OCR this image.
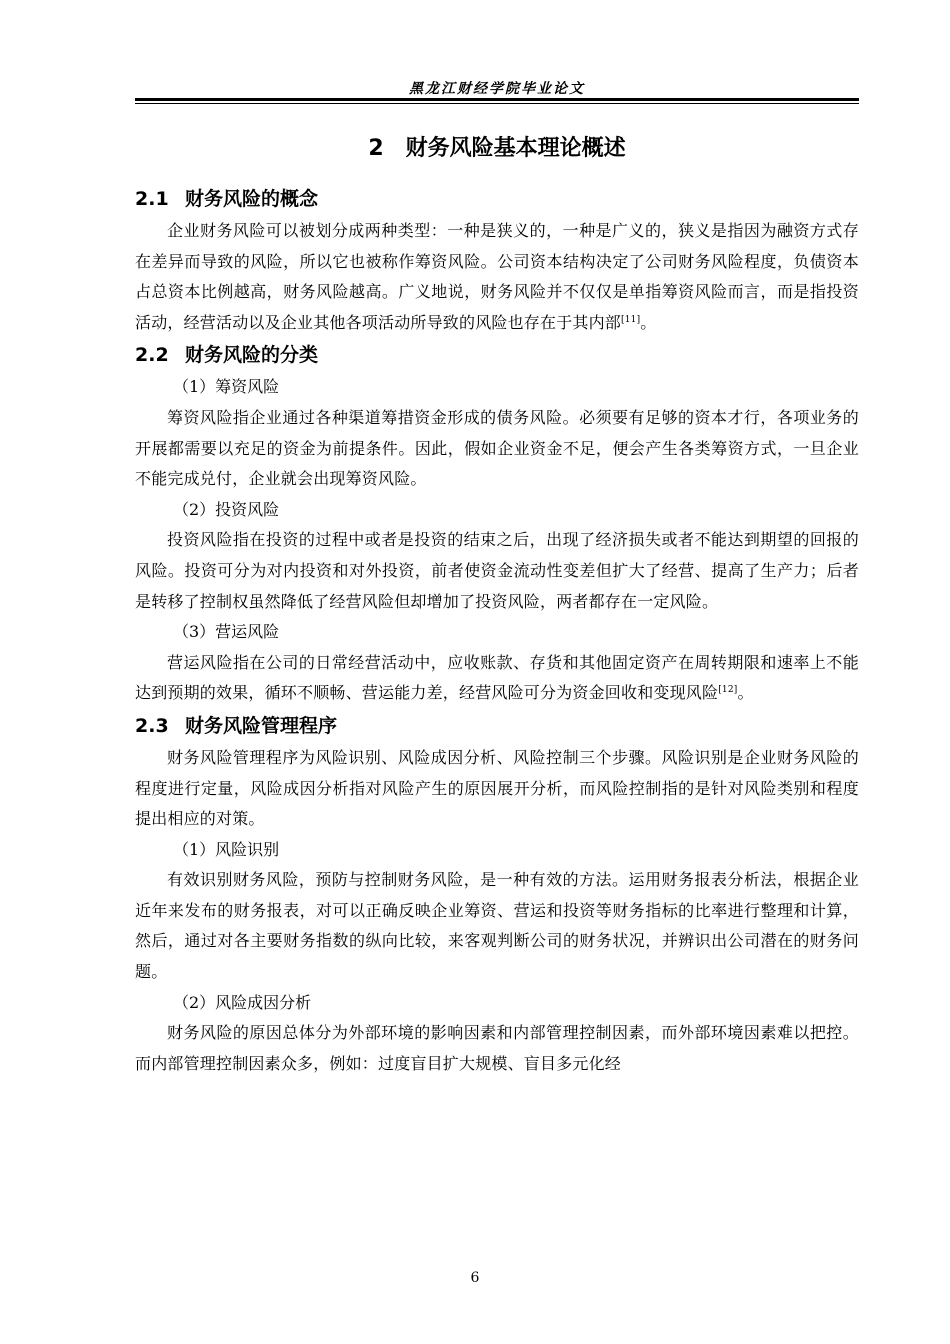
黑龙江财经学院毕业论文
2　财务风险基本理论概述
2.1 财务风险的概念

企业财务风险可以被划分成两种类型：一种是狭义的，一种是广义的，狭义是指因为融资方式存在差异而导致的风险，所以它也被称作筹资风险。公司资本结构决定了公司财务风险程度，负债资本占总资本比例越高，财务风险越高。广义地说，财务风险并不仅仅是单指筹资风险而言，而是指投资活动，经营活动以及企业其他各项活动所导致的风险也存在于其内部[11]。

2.2 财务风险的分类

（1）筹资风险

筹资风险指企业通过各种渠道筹措资金形成的债务风险。必须要有足够的资本才行，各项业务的开展都需要以充足的资金为前提条件。因此，假如企业资金不足，便会产生各类筹资方式，一旦企业不能完成兑付，企业就会出现筹资风险。

（2）投资风险

投资风险指在投资的过程中或者是投资的结束之后，出现了经济损失或者不能达到期望的回报的风险。投资可分为对内投资和对外投资，前者使资金流动性变差但扩大了经营、提高了生产力；后者是转移了控制权虽然降低了经营风险但却增加了投资风险，两者都存在一定风险。

（3）营运风险

营运风险指在公司的日常经营活动中，应收账款、存货和其他固定资产在周转期限和速率上不能达到预期的效果，循环不顺畅、营运能力差，经营风险可分为资金回收和变现风险[12]。

2.3 财务风险管理程序

财务风险管理程序为风险识别、风险成因分析、风险控制三个步骤。风险识别是企业财务风险的程度进行定量，风险成因分析指对风险产生的原因展开分析，而风险控制指的是针对风险类别和程度提出相应的对策。

（1）风险识别

有效识别财务风险，预防与控制财务风险，是一种有效的方法。运用财务报表分析法，根据企业近年来发布的财务报表，对可以正确反映企业筹资、营运和投资等财务指标的比率进行整理和计算，然后，通过对各主要财务指数的纵向比较，来客观判断公司的财务状况，并辨识出公司潜在的财务问题。

（2）风险成因分析

财务风险的原因总体分为外部环境的影响因素和内部管理控制因素，而外部环境因素难以把控。而内部管理控制因素众多，例如：过度盲目扩大规模、盲目多元化经

6
